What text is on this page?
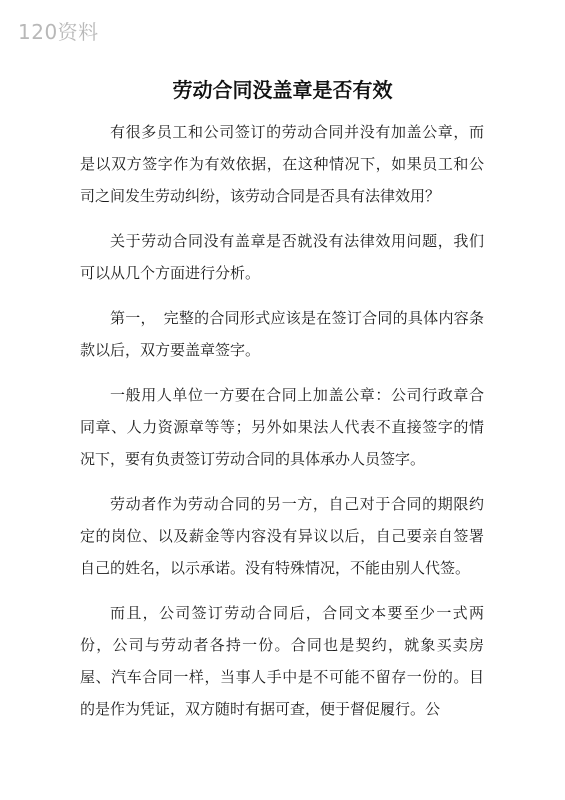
120资料
劳动合同没盖章是否有效

有很多员工和公司签订的劳动合同并没有加盖公章，而是以双方签字作为有效依据，在这种情况下，如果员工和公司之间发生劳动纠纷，该劳动合同是否具有法律效用？

关于劳动合同没有盖章是否就没有法律效用问题，我们可以从几个方面进行分析。

第一，　完整的合同形式应该是在签订合同的具体内容条款以后，双方要盖章签字。

一般用人单位一方要在合同上加盖公章：公司行政章合同章、人力资源章等等；另外如果法人代表不直接签字的情况下，要有负责签订劳动合同的具体承办人员签字。

劳动者作为劳动合同的另一方，自己对于合同的期限约定的岗位、以及薪金等内容没有异议以后，自己要亲自签署自己的姓名，以示承诺。没有特殊情况，不能由别人代签。

而且，公司签订劳动合同后，合同文本要至少一式两份，公司与劳动者各持一份。合同也是契约，就象买卖房屋、汽车合同一样，当事人手中是不可能不留存一份的。目的是作为凭证，双方随时有据可查，便于督促履行。公
